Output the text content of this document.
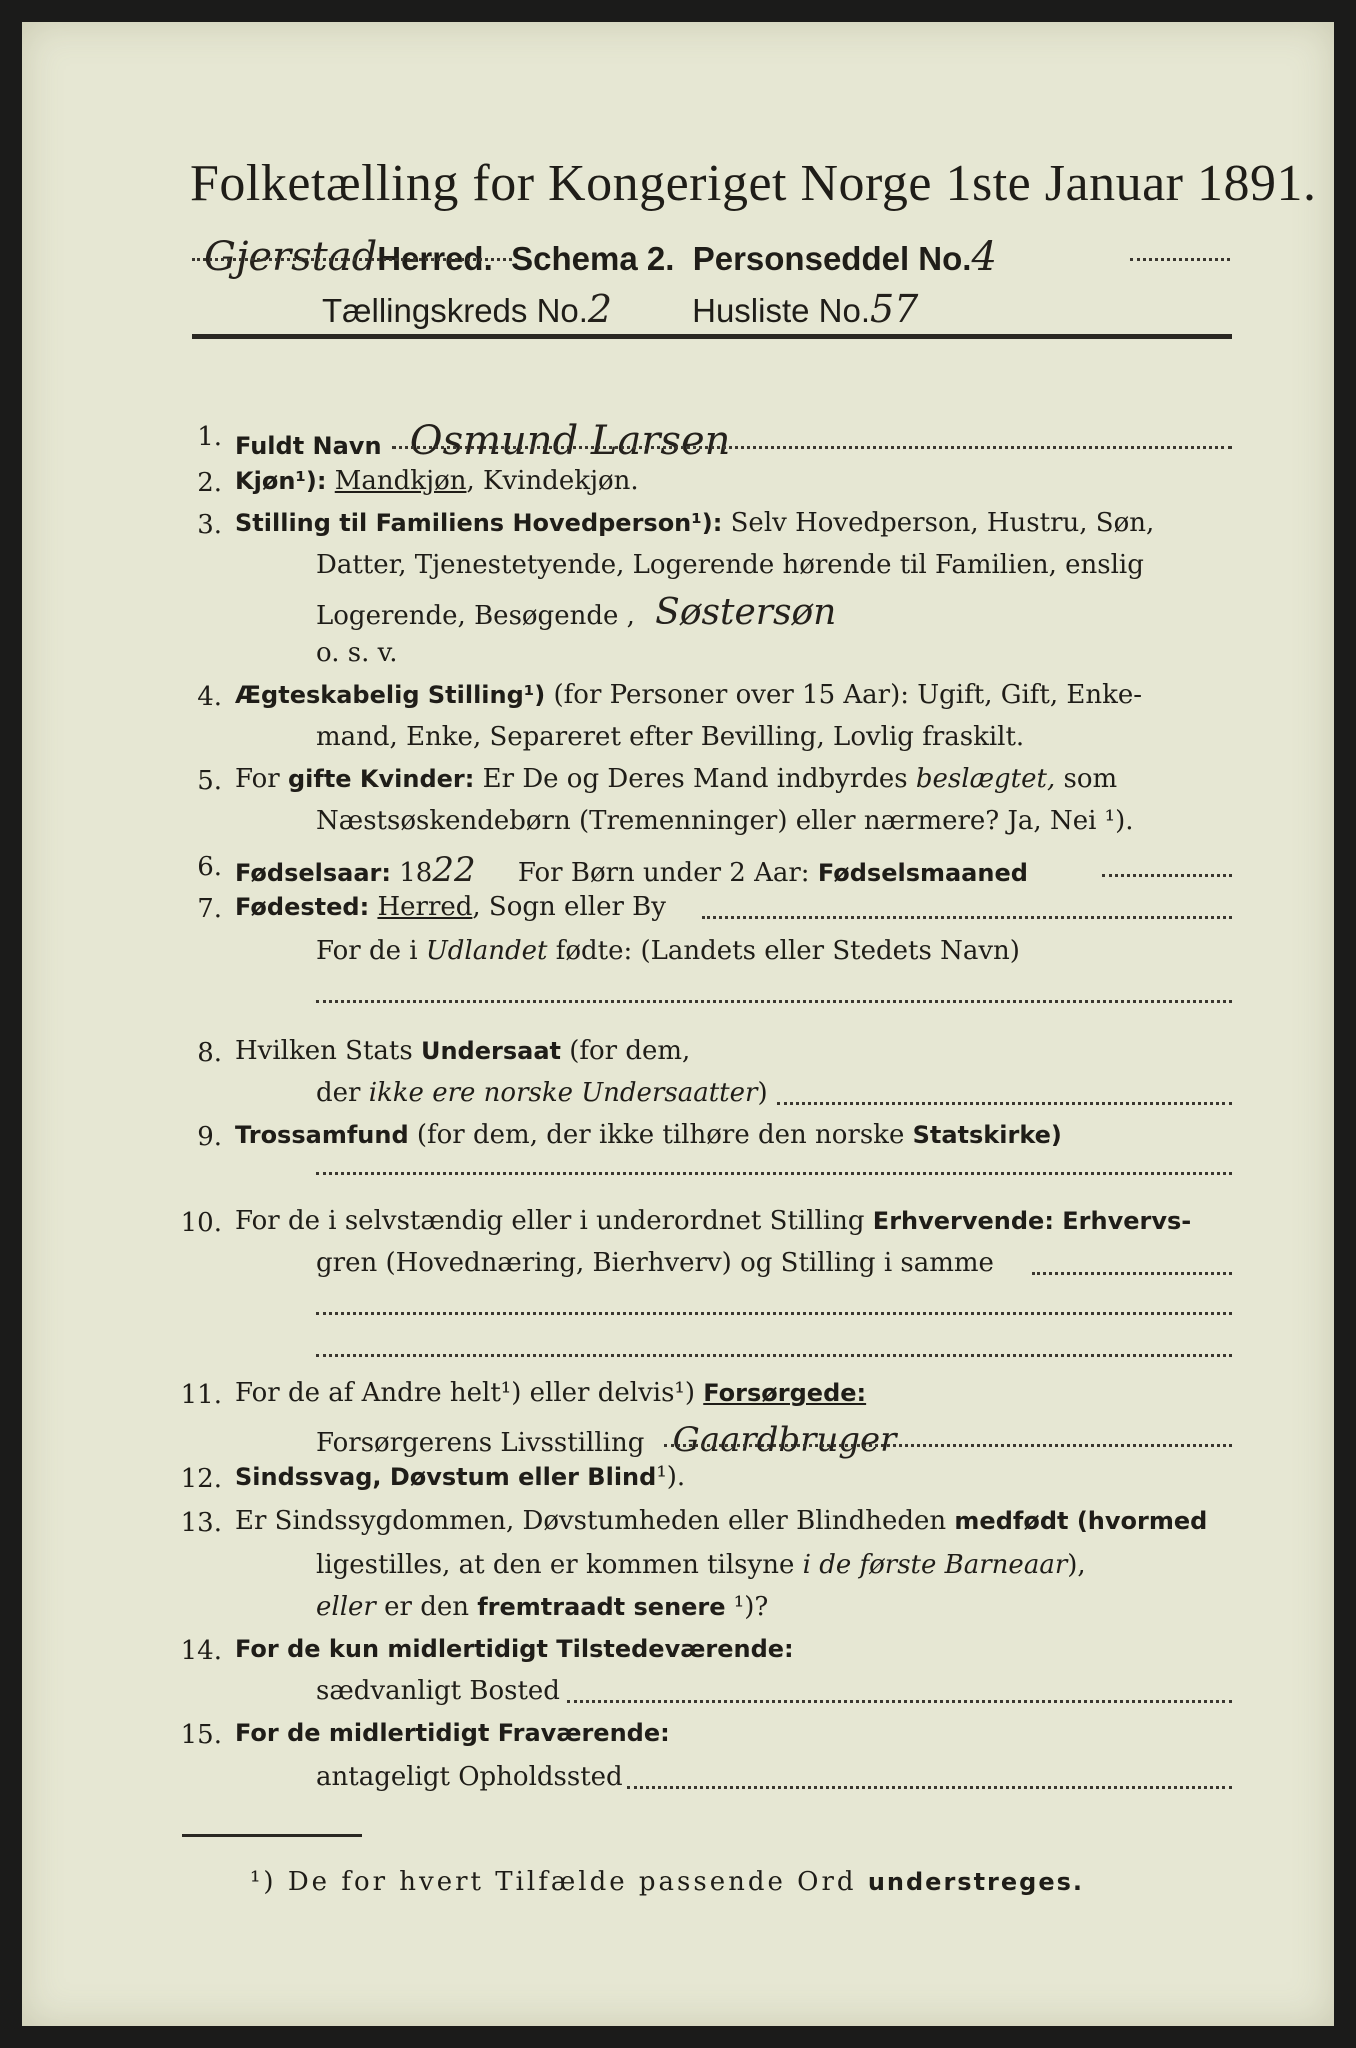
Folketælling for Kongeriget Norge 1ste Januar 1891.
GjerstadHerred. Schema 2. Personseddel No.4
Tællingskreds No.2 Husliste No.57
1. Fuldt Navn Osmund Larsen
2. Kjøn¹): Mandkjøn, Kvindekjøn.
3. Stilling til Familiens Hovedperson¹): Selv Hovedperson, Hustru, Søn,
Datter, Tjenestetyende, Logerende hørende til Familien, enslig
Logerende, Besøgende , Søstersøn
o. s. v.
4. Ægteskabelig Stilling¹) (for Personer over 15 Aar): Ugift, Gift, Enke-
mand, Enke, Separeret efter Bevilling, Lovlig fraskilt.
5. For gifte Kvinder: Er De og Deres Mand indbyrdes beslægtet, som
Næstsøskendebørn (Tremenninger) eller nærmere? Ja, Nei ¹).
6. Fødselsaar: 1822 For Børn under 2 Aar: Fødselsmaaned
7. Fødested: Herred, Sogn eller By
For de i Udlandet fødte: (Landets eller Stedets Navn)
8. Hvilken Stats Undersaat (for dem,
der ikke ere norske Undersaatter)
9. Trossamfund (for dem, der ikke tilhøre den norske Statskirke)
10. For de i selvstændig eller i underordnet Stilling Erhvervende: Erhvervs-
gren (Hovednæring, Bierhverv) og Stilling i samme
11. For de af Andre helt¹) eller delvis¹) Forsørgede:
Forsørgerens Livsstilling Gaardbruger
12. Sindssvag, Døvstum eller Blind¹).
13. Er Sindssygdommen, Døvstumheden eller Blindheden medfødt (hvormed
ligestilles, at den er kommen tilsyne i de første Barneaar),
eller er den fremtraadt senere ¹)?
14. For de kun midlertidigt Tilstedeværende:
sædvanligt Bosted
15. For de midlertidigt Fraværende:
antageligt Opholdssted
¹) De for hvert Tilfælde passende Ord understreges.
